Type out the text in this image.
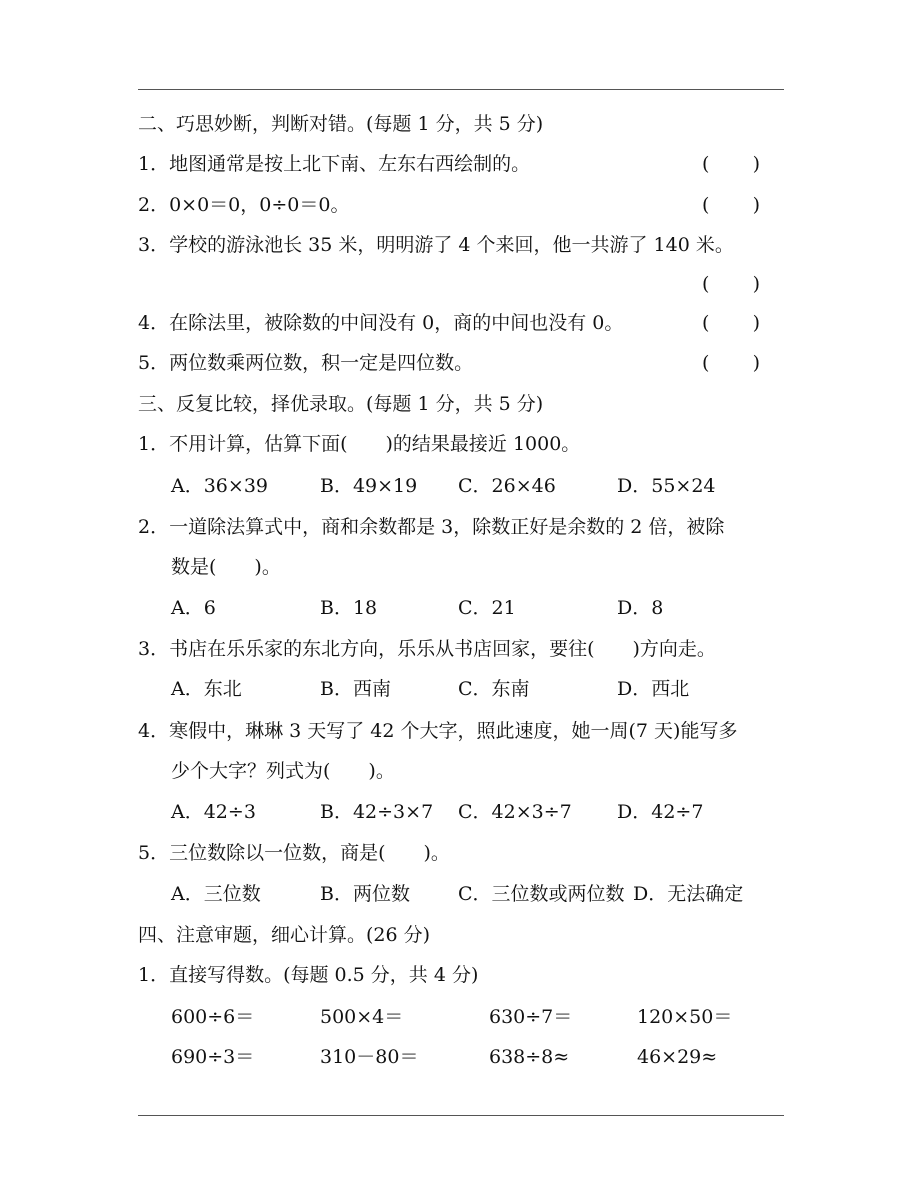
二、巧思妙断，判断对错。(每题 1 分，共 5 分)
1．地图通常是按上北下南、左东右西绘制的。	( )
2．0×0＝0，0÷0＝0。	( )
3．学校的游泳池长 35 米，明明游了 4 个来回，他一共游了 140 米。
( )
4．在除法里，被除数的中间没有 0，商的中间也没有 0。	( )
5．两位数乘两位数，积一定是四位数。	( )
三、反复比较，择优录取。(每题 1 分，共 5 分)
1．不用计算，估算下面(　　)的结果最接近 1000。
A．36×39	B．49×19 C．26×46	D．55×24
2．一道除法算式中，商和余数都是 3，除数正好是余数的 2 倍，被除
数是(　　)。
A．6	B．18	C．21	D．8
3．书店在乐乐家的东北方向，乐乐从书店回家，要往(　　)方向走。
A．东北	B．西南	C．东南	D．西北
4．寒假中，琳琳 3 天写了 42 个大字，照此速度，她一周(7 天)能写多
少个大字？列式为(　　)。
A．42÷3	B．42÷3×7 C．42×3÷7 D．42÷7
5．三位数除以一位数，商是(　　)。
A．三位数	B．两位数	C．三位数或两位数 D．无法确定
四、注意审题，细心计算。(26 分)
1．直接写得数。(每题 0.5 分，共 4 分)
600÷6＝	500×4＝	630÷7＝	120×50＝
690÷3＝	310－80＝	638÷8≈	46×29≈
